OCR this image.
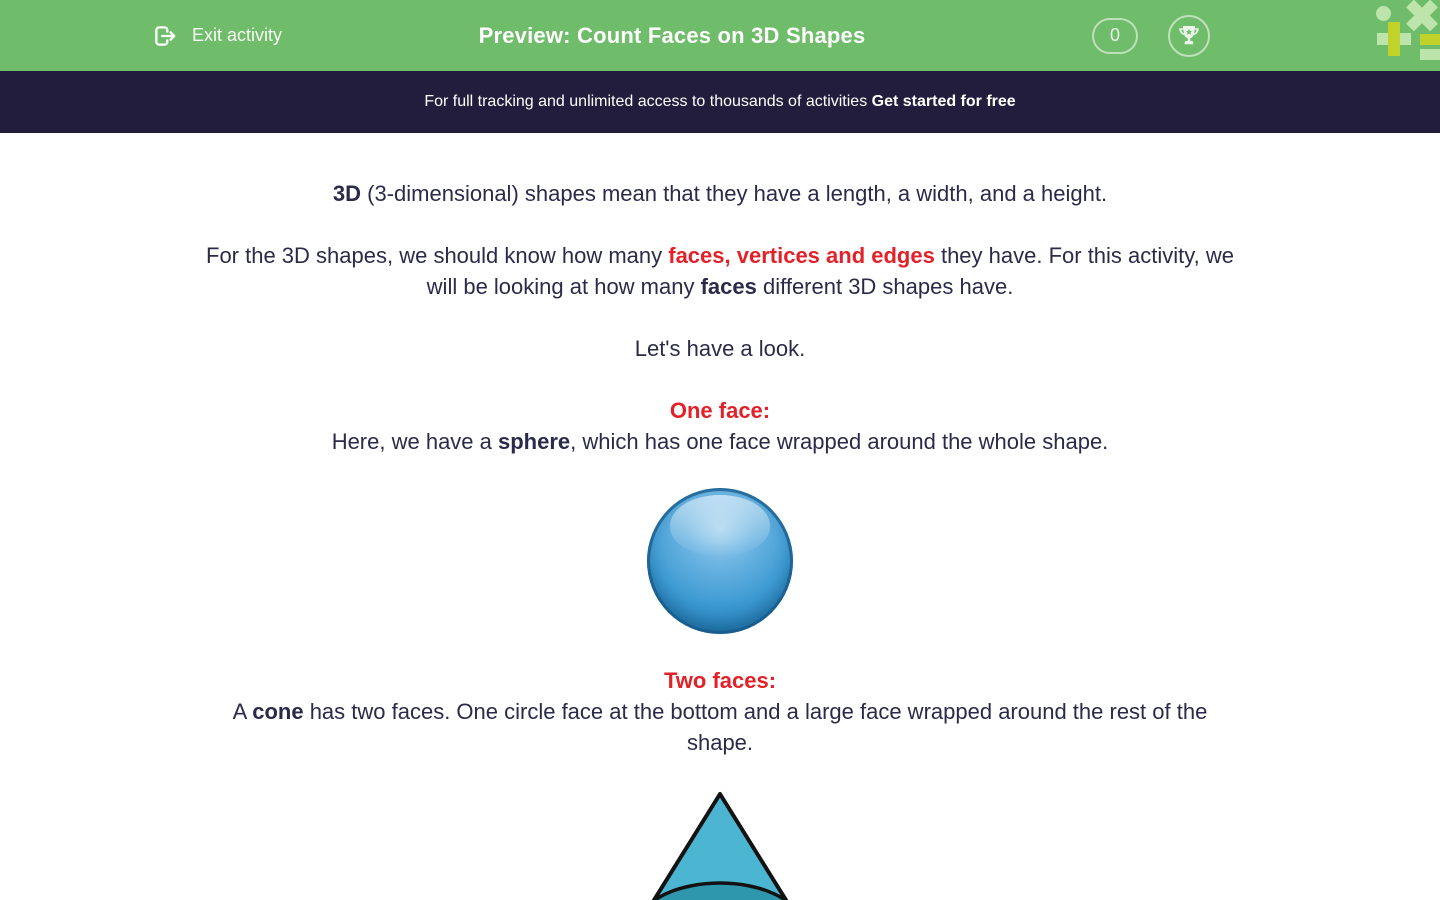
Exit activity	Preview: Count Faces on 3D Shapes	0
For full tracking and unlimited access to thousands of activities Get started for free

3D (3-dimensional) shapes mean that they have a length, a width, and a height.

For the 3D shapes, we should know how many faces, vertices and edges they have. For this activity, we
will be looking at how many faces different 3D shapes have.

Let's have a look.

One face:

Here, we have a sphere, which has one face wrapped around the whole shape.

Two faces:

A cone has two faces. One circle face at the bottom and a large face wrapped around the rest of the
shape.
